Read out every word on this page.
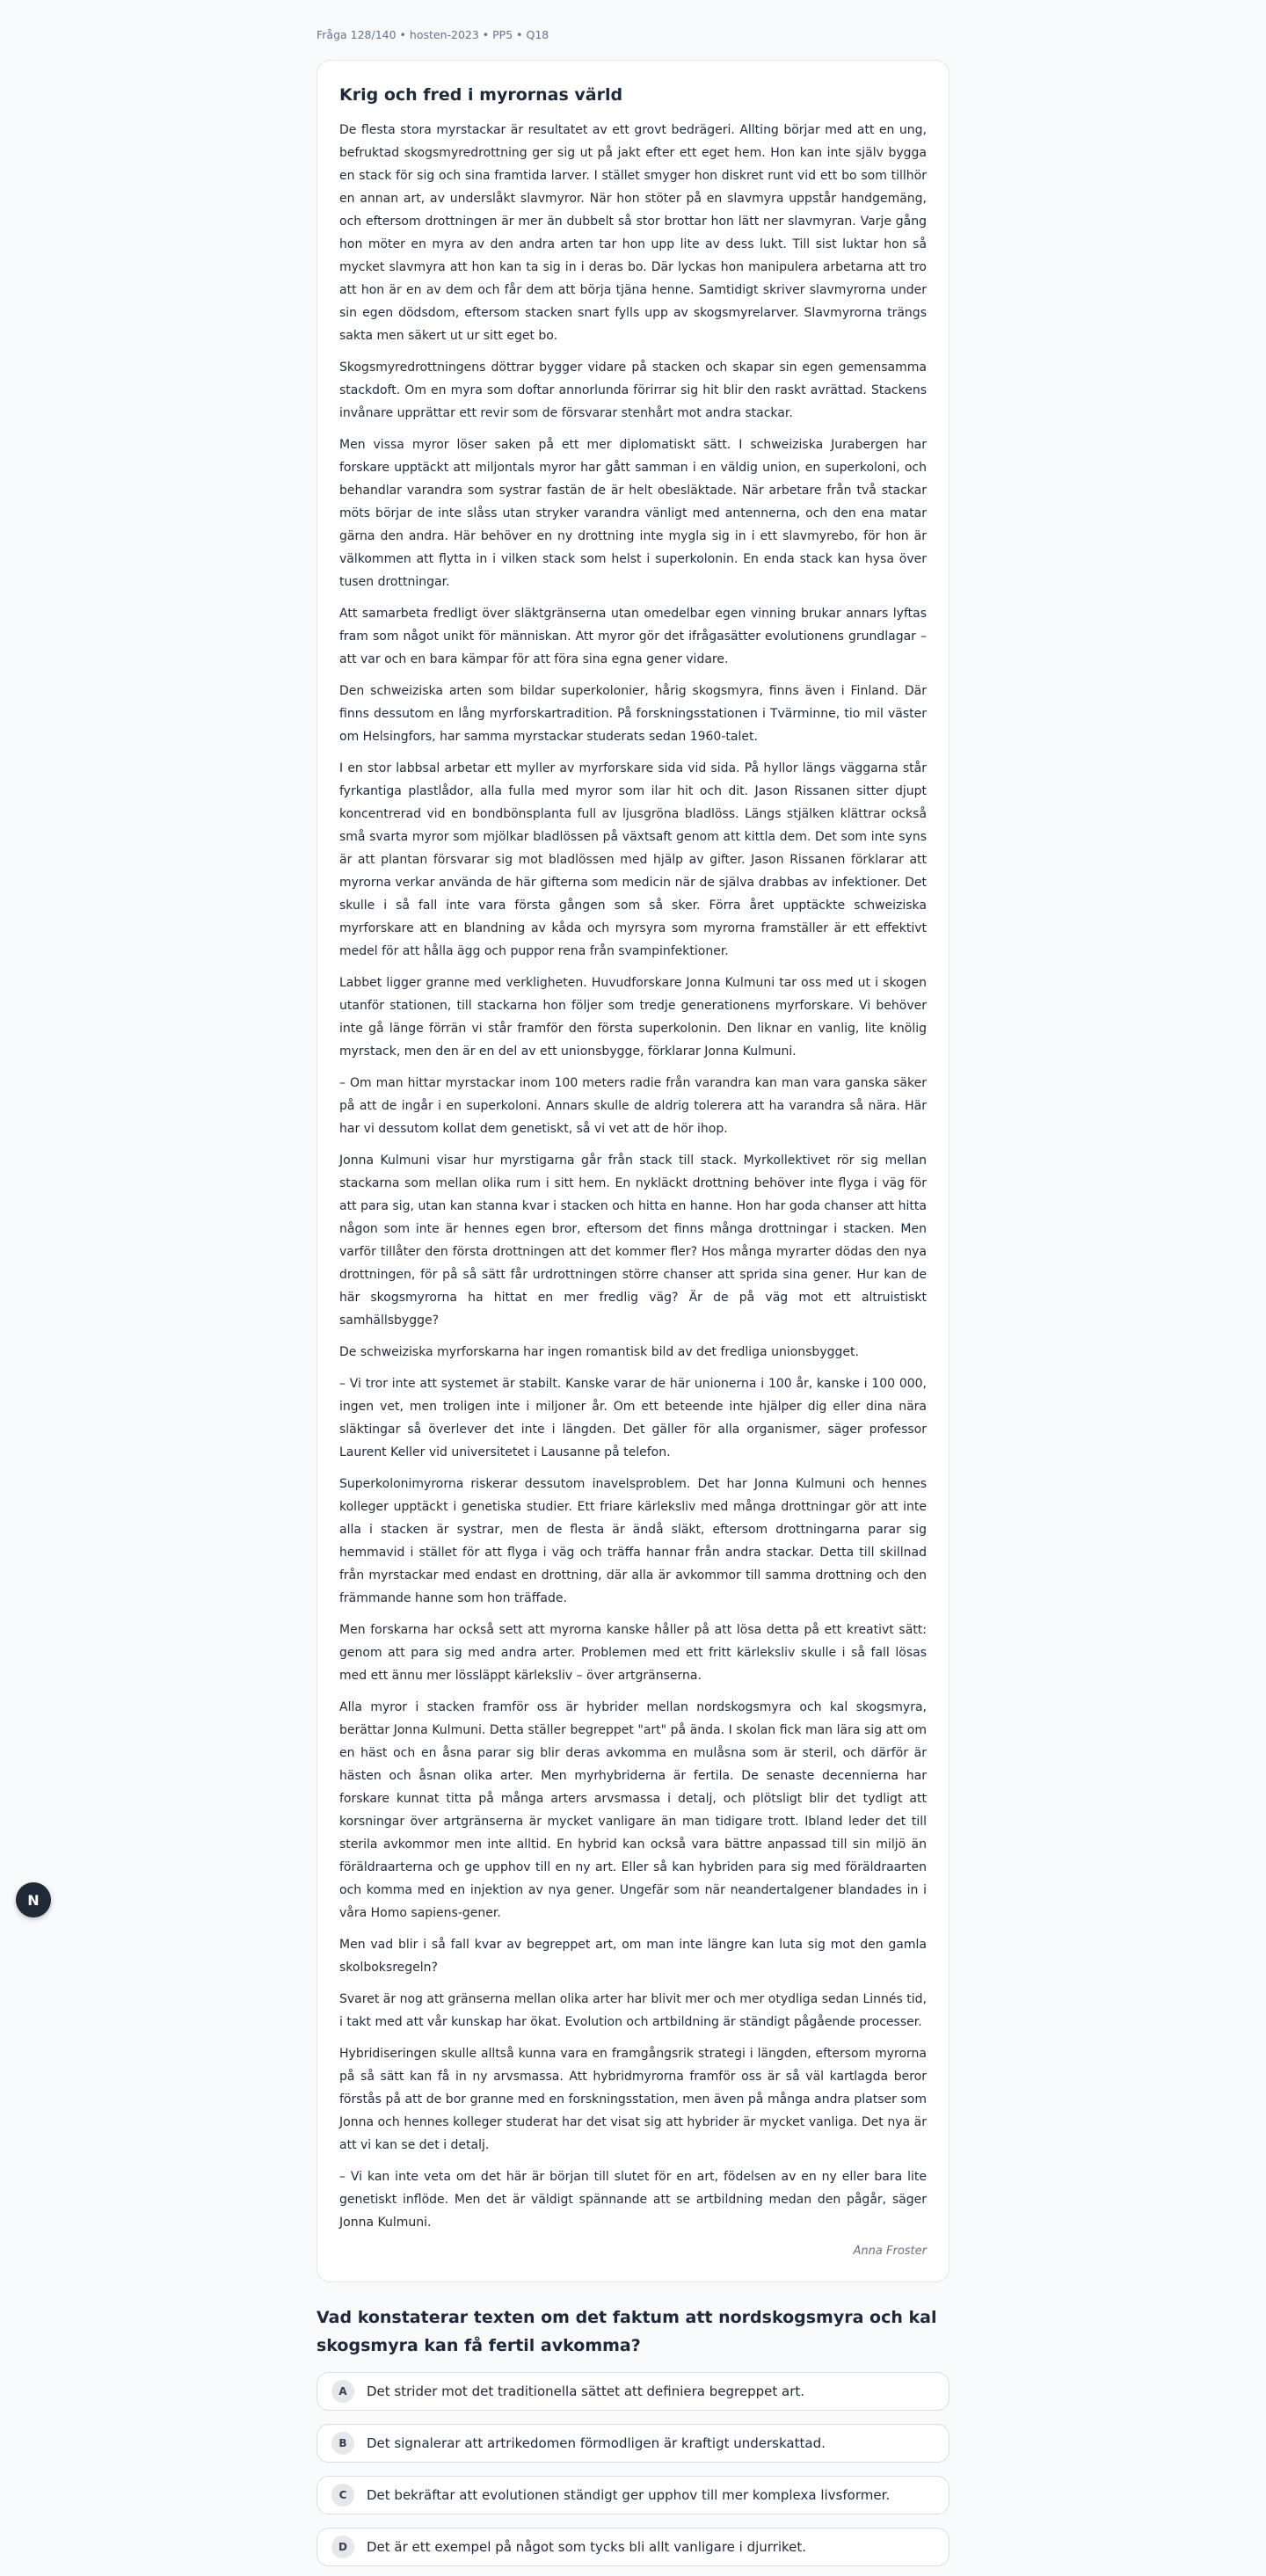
Fråga 128/140 • hosten-2023 • PP5 • Q18
Krig och fred i myrornas värld

De flesta stora myrstackar är resultatet av ett grovt bedrägeri. Allting börjar med att en ung, befruktad skogsmyredrottning ger sig ut på jakt efter ett eget hem. Hon kan inte själv bygga en stack för sig och sina framtida larver. I stället smyger hon diskret runt vid ett bo som tillhör en annan art, av underslåkt slavmyror. När hon stöter på en slavmyra uppstår handgemäng, och eftersom drottningen är mer än dubbelt så stor brottar hon lätt ner slavmyran. Varje gång hon möter en myra av den andra arten tar hon upp lite av dess lukt. Till sist luktar hon så mycket slavmyra att hon kan ta sig in i deras bo. Där lyckas hon manipulera arbetarna att tro att hon är en av dem och får dem att börja tjäna henne. Samtidigt skriver slavmyrorna under sin egen dödsdom, eftersom stacken snart fylls upp av skogsmyrelarver. Slavmyrorna trängs sakta men säkert ut ur sitt eget bo.

Skogsmyredrottningens döttrar bygger vidare på stacken och skapar sin egen gemensamma stackdoft. Om en myra som doftar annorlunda förirrar sig hit blir den raskt avrättad. Stackens invånare upprättar ett revir som de försvarar stenhårt mot andra stackar.

Men vissa myror löser saken på ett mer diplomatiskt sätt. I schweiziska Jurabergen har forskare upptäckt att miljontals myror har gått samman i en väldig union, en superkoloni, och behandlar varandra som systrar fastän de är helt obesläktade. När arbetare från två stackar möts börjar de inte slåss utan stryker varandra vänligt med antennerna, och den ena matar gärna den andra. Här behöver en ny drottning inte mygla sig in i ett slavmyrebo, för hon är välkommen att flytta in i vilken stack som helst i superkolonin. En enda stack kan hysa över tusen drottningar.

Att samarbeta fredligt över släktgränserna utan omedelbar egen vinning brukar annars lyftas fram som något unikt för människan. Att myror gör det ifrågasätter evolutionens grundlagar – att var och en bara kämpar för att föra sina egna gener vidare.

Den schweiziska arten som bildar superkolonier, hårig skogsmyra, finns även i Finland. Där finns dessutom en lång myrforskartradition. På forskningsstationen i Tvärminne, tio mil väster om Helsingfors, har samma myrstackar studerats sedan 1960-talet.

I en stor labbsal arbetar ett myller av myrforskare sida vid sida. På hyllor längs väggarna står fyrkantiga plastlådor, alla fulla med myror som ilar hit och dit. Jason Rissanen sitter djupt koncentrerad vid en bondbönsplanta full av ljusgröna bladlöss. Längs stjälken klättrar också små svarta myror som mjölkar bladlössen på växtsaft genom att kittla dem. Det som inte syns är att plantan försvarar sig mot bladlössen med hjälp av gifter. Jason Rissanen förklarar att myrorna verkar använda de här gifterna som medicin när de själva drabbas av infektioner. Det skulle i så fall inte vara första gången som så sker. Förra året upptäckte schweiziska myrforskare att en blandning av kåda och myrsyra som myrorna framställer är ett effektivt medel för att hålla ägg och puppor rena från svampinfektioner.

Labbet ligger granne med verkligheten. Huvudforskare Jonna Kulmuni tar oss med ut i skogen utanför stationen, till stackarna hon följer som tredje generationens myrforskare. Vi behöver inte gå länge förrän vi står framför den första superkolonin. Den liknar en vanlig, lite knölig myrstack, men den är en del av ett unionsbygge, förklarar Jonna Kulmuni.

– Om man hittar myrstackar inom 100 meters radie från varandra kan man vara ganska säker på att de ingår i en superkoloni. Annars skulle de aldrig tolerera att ha varandra så nära. Här har vi dessutom kollat dem genetiskt, så vi vet att de hör ihop.

Jonna Kulmuni visar hur myrstigarna går från stack till stack. Myrkollektivet rör sig mellan stackarna som mellan olika rum i sitt hem. En nykläckt drottning behöver inte flyga i väg för att para sig, utan kan stanna kvar i stacken och hitta en hanne. Hon har goda chanser att hitta någon som inte är hennes egen bror, eftersom det finns många drottningar i stacken. Men varför tillåter den första drottningen att det kommer fler? Hos många myrarter dödas den nya drottningen, för på så sätt får urdrottningen större chanser att sprida sina gener. Hur kan de här skogsmyrorna ha hittat en mer fredlig väg? Är de på väg mot ett altruistiskt samhällsbygge?

De schweiziska myrforskarna har ingen romantisk bild av det fredliga unionsbygget.

– Vi tror inte att systemet är stabilt. Kanske varar de här unionerna i 100 år, kanske i 100 000, ingen vet, men troligen inte i miljoner år. Om ett beteende inte hjälper dig eller dina nära släktingar så överlever det inte i längden. Det gäller för alla organismer, säger professor Laurent Keller vid universitetet i Lausanne på telefon.

Superkolonimyrorna riskerar dessutom inavelsproblem. Det har Jonna Kulmuni och hennes kolleger upptäckt i genetiska studier. Ett friare kärleksliv med många drottningar gör att inte alla i stacken är systrar, men de flesta är ändå släkt, eftersom drottningarna parar sig hemmavid i stället för att flyga i väg och träffa hannar från andra stackar. Detta till skillnad från myrstackar med endast en drottning, där alla är avkommor till samma drottning och den främmande hanne som hon träffade.

Men forskarna har också sett att myrorna kanske håller på att lösa detta på ett kreativt sätt: genom att para sig med andra arter. Problemen med ett fritt kärleksliv skulle i så fall lösas med ett ännu mer lössläppt kärleksliv – över artgränserna.

Alla myror i stacken framför oss är hybrider mellan nordskogsmyra och kal skogsmyra, berättar Jonna Kulmuni. Detta ställer begreppet "art" på ända. I skolan fick man lära sig att om en häst och en åsna parar sig blir deras avkomma en mulåsna som är steril, och därför är hästen och åsnan olika arter. Men myrhybriderna är fertila. De senaste decennierna har forskare kunnat titta på många arters arvsmassa i detalj, och plötsligt blir det tydligt att korsningar över artgränserna är mycket vanligare än man tidigare trott. Ibland leder det till sterila avkommor men inte alltid. En hybrid kan också vara bättre anpassad till sin miljö än föräldraarterna och ge upphov till en ny art. Eller så kan hybriden para sig med föräldraarten och komma med en injektion av nya gener. Ungefär som när neandertalgener blandades in i våra Homo sapiens-gener.

Men vad blir i så fall kvar av begreppet art, om man inte längre kan luta sig mot den gamla skolboksregeln?

Svaret är nog att gränserna mellan olika arter har blivit mer och mer otydliga sedan Linnés tid, i takt med att vår kunskap har ökat. Evolution och artbildning är ständigt pågående processer.

Hybridiseringen skulle alltså kunna vara en framgångsrik strategi i längden, eftersom myrorna på så sätt kan få in ny arvsmassa. Att hybridmyrorna framför oss är så väl kartlagda beror förstås på att de bor granne med en forskningsstation, men även på många andra platser som Jonna och hennes kolleger studerat har det visat sig att hybrider är mycket vanliga. Det nya är att vi kan se det i detalj.

– Vi kan inte veta om det här är början till slutet för en art, födelsen av en ny eller bara lite genetiskt inflöde. Men det är väldigt spännande att se artbildning medan den pågår, säger Jonna Kulmuni.

Anna Froster
Vad konstaterar texten om det faktum att nordskogsmyra och kal skogsmyra kan få fertil avkomma?
A	Det strider mot det traditionella sättet att definiera begreppet art.
B	Det signalerar att artrikedomen förmodligen är kraftigt underskattad.
C	Det bekräftar att evolutionen ständigt ger upphov till mer komplexa livsformer.
D	Det är ett exempel på något som tycks bli allt vanligare i djurriket.
N
